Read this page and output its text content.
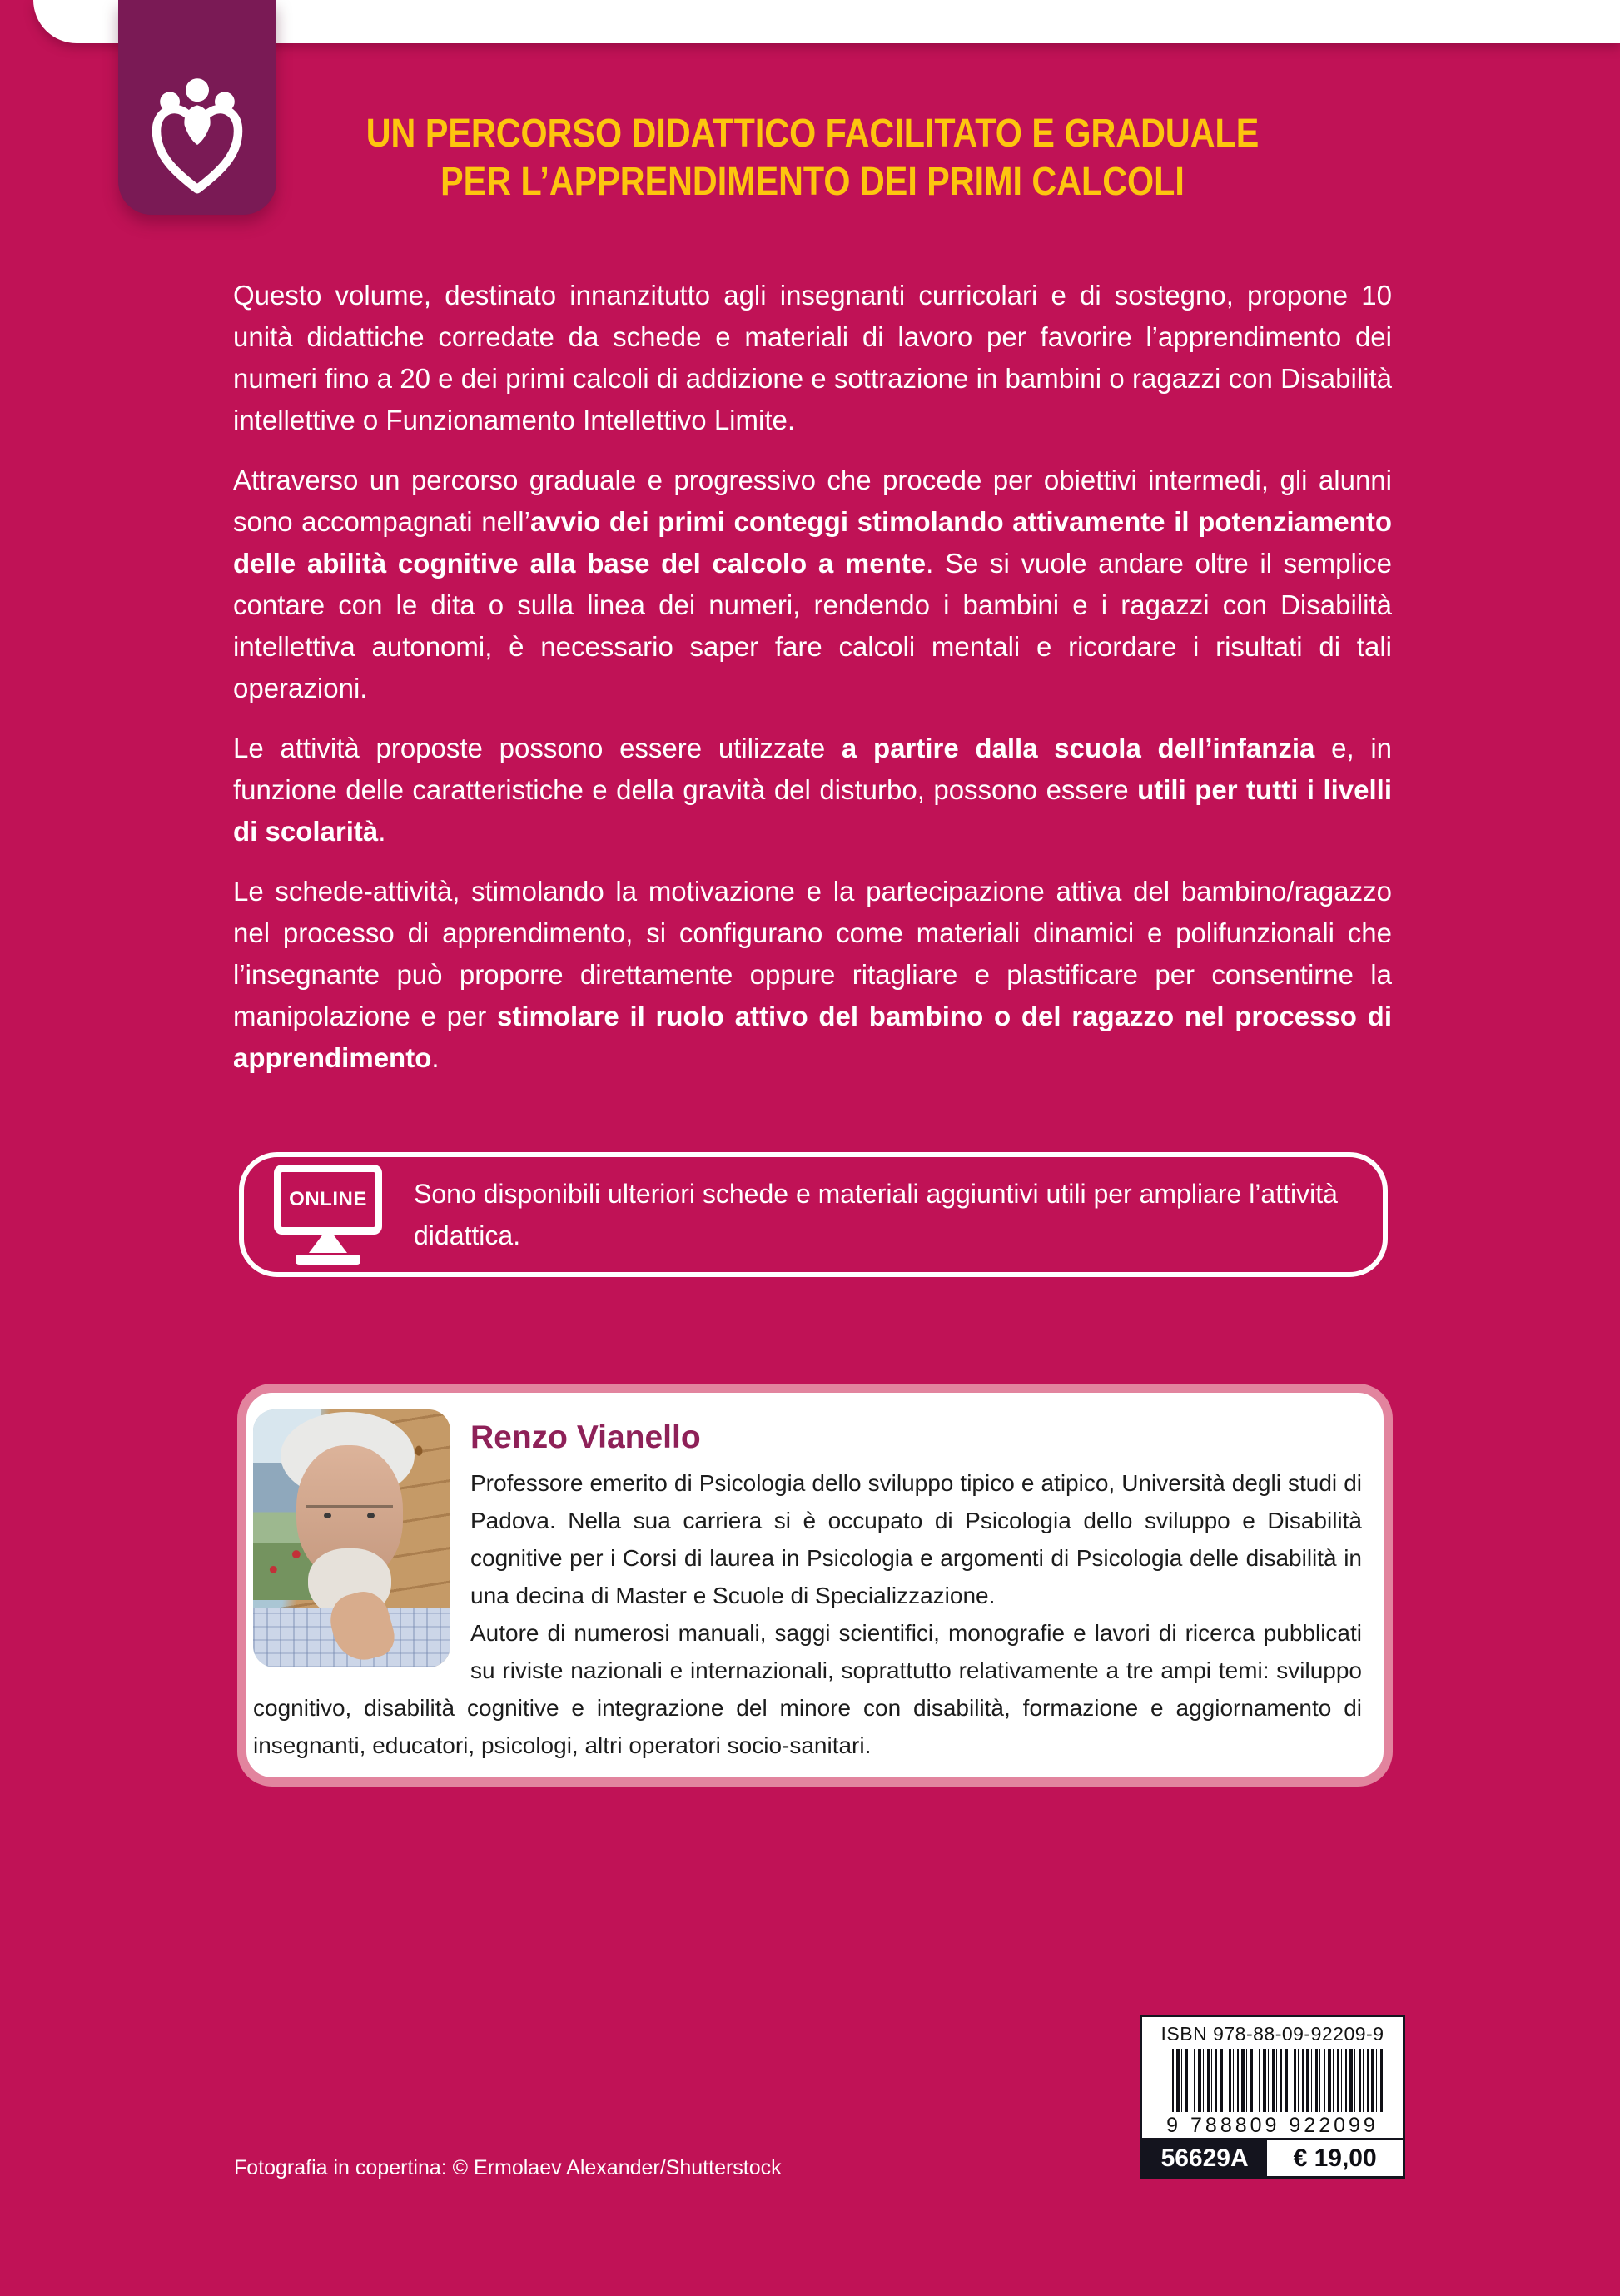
UN PERCORSO DIDATTICO FACILITATO E GRADUALE
PER L’APPRENDIMENTO DEI PRIMI CALCOLI

Questo volume, destinato innanzitutto agli insegnanti curricolari e di sostegno, propone 10 unità didattiche corredate da schede e materiali di lavoro per favorire l’apprendimento dei numeri fino a 20 e dei primi calcoli di addizione e sottrazione in bambini o ragazzi con Disabilità intellettive o Funzionamento Intellettivo Limite.

Attraverso un percorso graduale e progressivo che procede per obiettivi intermedi, gli alunni sono accompagnati nell’avvio dei primi conteggi stimolando attivamente il potenziamento delle abilità cognitive alla base del calcolo a mente. Se si vuole andare oltre il semplice contare con le dita o sulla linea dei numeri, rendendo i bambini e i ragazzi con Disabilità intellettiva autonomi, è necessario saper fare calcoli mentali e ricordare i risultati di tali operazioni.

Le attività proposte possono essere utilizzate a partire dalla scuola dell’infanzia e, in funzione delle caratteristiche e della gravità del disturbo, possono essere utili per tutti i livelli di scolarità.

Le schede-attività, stimolando la motivazione e la partecipazione attiva del bambino/ragazzo nel processo di apprendimento, si configurano come materiali dinamici e polifunzionali che l’insegnante può proporre direttamente oppure ritagliare e plastificare per consentirne la manipolazione e per stimolare il ruolo attivo del bambino o del ragazzo nel processo di apprendimento.

ONLINE Sono disponibili ulteriori schede e materiali aggiuntivi utili per ampliare l’attività didattica.
Renzo Vianello

Professore emerito di Psicologia dello sviluppo tipico e atipico, Università degli studi di Padova. Nella sua carriera si è occupato di Psicologia dello sviluppo e Disabilità cognitive per i Corsi di laurea in Psicologia e argomenti di Psicologia delle disabilità in una decina di Master e Scuole di Specializzazione.

Autore di numerosi manuali, saggi scientifici, monografie e lavori di ricerca pubblicati su riviste nazionali e internazionali, soprattutto relativamente a tre ampi temi: sviluppo cognitivo, disabilità cognitive e integrazione del minore con disabilità, formazione e aggiornamento di insegnanti, educatori, psicologi, altri operatori socio-sanitari.

ISBN 978-88-09-92209-9
9 788809 922099
56629A	€ 19,00
Fotografia in copertina: © Ermolaev Alexander/Shutterstock
